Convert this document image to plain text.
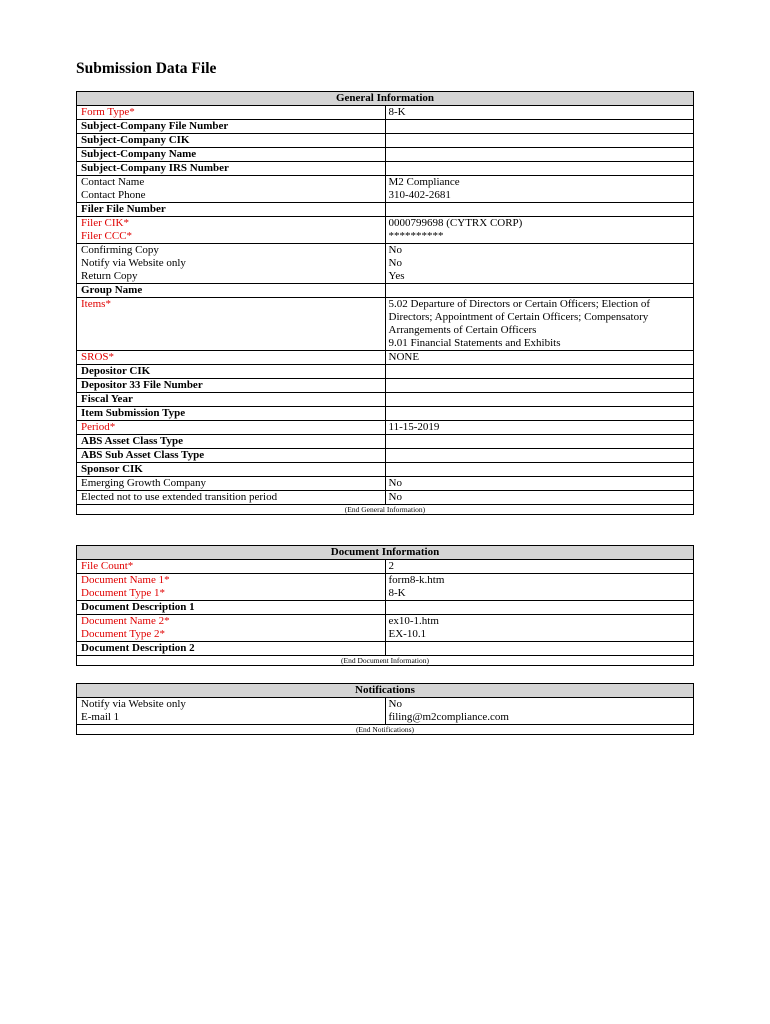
Submission Data File
General Information
Form Type*	8-K

Subject-Company File Number	

Subject-Company CIK	

Subject-Company Name	

Subject-Company IRS Number	

Contact Name	M2 Compliance

Contact Phone	310-402-2681

Filer File Number	

Filer CIK*	0000799698 (CYTRX CORP)

Filer CCC*	**********

Confirming Copy	No

Notify via Website only	No

Return Copy	Yes

Group Name	

Items*	5.02 Departure of Directors or Certain Officers; Election of Directors; Appointment of Certain Officers; Compensatory Arrangements of Certain Officers
9.01 Financial Statements and Exhibits

SROS*	NONE

Depositor CIK	

Depositor 33 File Number	

Fiscal Year	

Item Submission Type	

Period*	11-15-2019

ABS Asset Class Type	

ABS Sub Asset Class Type	

Sponsor CIK	

Emerging Growth Company	No

Elected not to use extended transition period	No
(End General Information)
Document Information
File Count*	2

Document Name 1*	form8-k.htm

Document Type 1*	8-K

Document Description 1	

Document Name 2*	ex10-1.htm

Document Type 2*	EX-10.1

Document Description 2	
(End Document Information)
Notifications
Notify via Website only	No

E-mail 1	filing@m2compliance.com
(End Notifications)
